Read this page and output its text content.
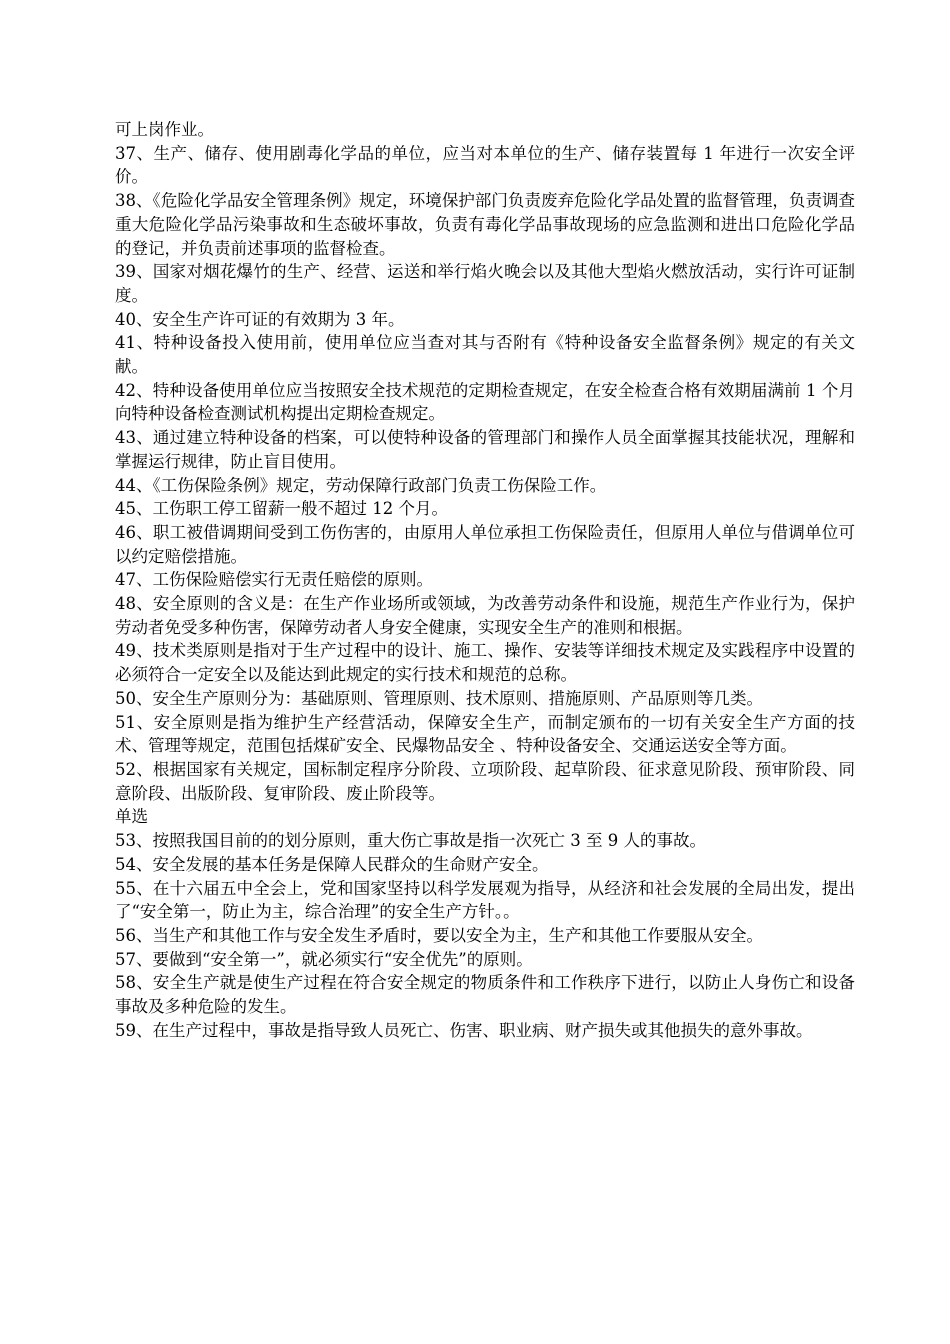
可上岗作业。

37、生产、储存、使用剧毒化学品的单位，应当对本单位的生产、储存装置每 1 年进行一次安全评价。

38、《危险化学品安全管理条例》规定，环境保护部门负责废弃危险化学品处置的监督管理，负责调查重大危险化学品污染事故和生态破坏事故，负责有毒化学品事故现场的应急监测和进出口危险化学品的登记，并负责前述事项的监督检查。

39、国家对烟花爆竹的生产、经营、运送和举行焰火晚会以及其他大型焰火燃放活动，实行许可证制度。

40、安全生产许可证的有效期为 3 年。

41、特种设备投入使用前，使用单位应当查对其与否附有《特种设备安全监督条例》规定的有关文献。

42、特种设备使用单位应当按照安全技术规范的定期检查规定，在安全检查合格有效期届满前 1 个月向特种设备检查测试机构提出定期检查规定。

43、通过建立特种设备的档案，可以使特种设备的管理部门和操作人员全面掌握其技能状况，理解和掌握运行规律，防止盲目使用。

44、《工伤保险条例》规定，劳动保障行政部门负责工伤保险工作。

45、工伤职工停工留薪一般不超过 12 个月。

46、职工被借调期间受到工伤伤害的，由原用人单位承担工伤保险责任，但原用人单位与借调单位可以约定赔偿措施。

47、工伤保险赔偿实行无责任赔偿的原则。

48、安全原则的含义是：在生产作业场所或领域，为改善劳动条件和设施，规范生产作业行为，保护劳动者免受多种伤害，保障劳动者人身安全健康，实现安全生产的准则和根据。

49、技术类原则是指对于生产过程中的设计、施工、操作、安装等详细技术规定及实践程序中设置的必须符合一定安全以及能达到此规定的实行技术和规范的总称。

50、安全生产原则分为：基础原则、管理原则、技术原则、措施原则、产品原则等几类。

51、安全原则是指为维护生产经营活动，保障安全生产，而制定颁布的一切有关安全生产方面的技术、管理等规定，范围包括煤矿安全、民爆物品安全 、特种设备安全、交通运送安全等方面。

52、根据国家有关规定，国标制定程序分阶段、立项阶段、起草阶段、征求意见阶段、预审阶段、同意阶段、出版阶段、复审阶段、废止阶段等。

单选

53、按照我国目前的的划分原则，重大伤亡事故是指一次死亡 3 至 9 人的事故。

54、安全发展的基本任务是保障人民群众的生命财产安全。

55、在十六届五中全会上，党和国家坚持以科学发展观为指导，从经济和社会发展的全局出发，提出了“安全第一，防止为主，综合治理”的安全生产方针。。

56、当生产和其他工作与安全发生矛盾时，要以安全为主，生产和其他工作要服从安全。

57、要做到“安全第一”，就必须实行“安全优先”的原则。

58、安全生产就是使生产过程在符合安全规定的物质条件和工作秩序下进行，以防止人身伤亡和设备事故及多种危险的发生。

59、在生产过程中，事故是指导致人员死亡、伤害、职业病、财产损失或其他损失的意外事故。
